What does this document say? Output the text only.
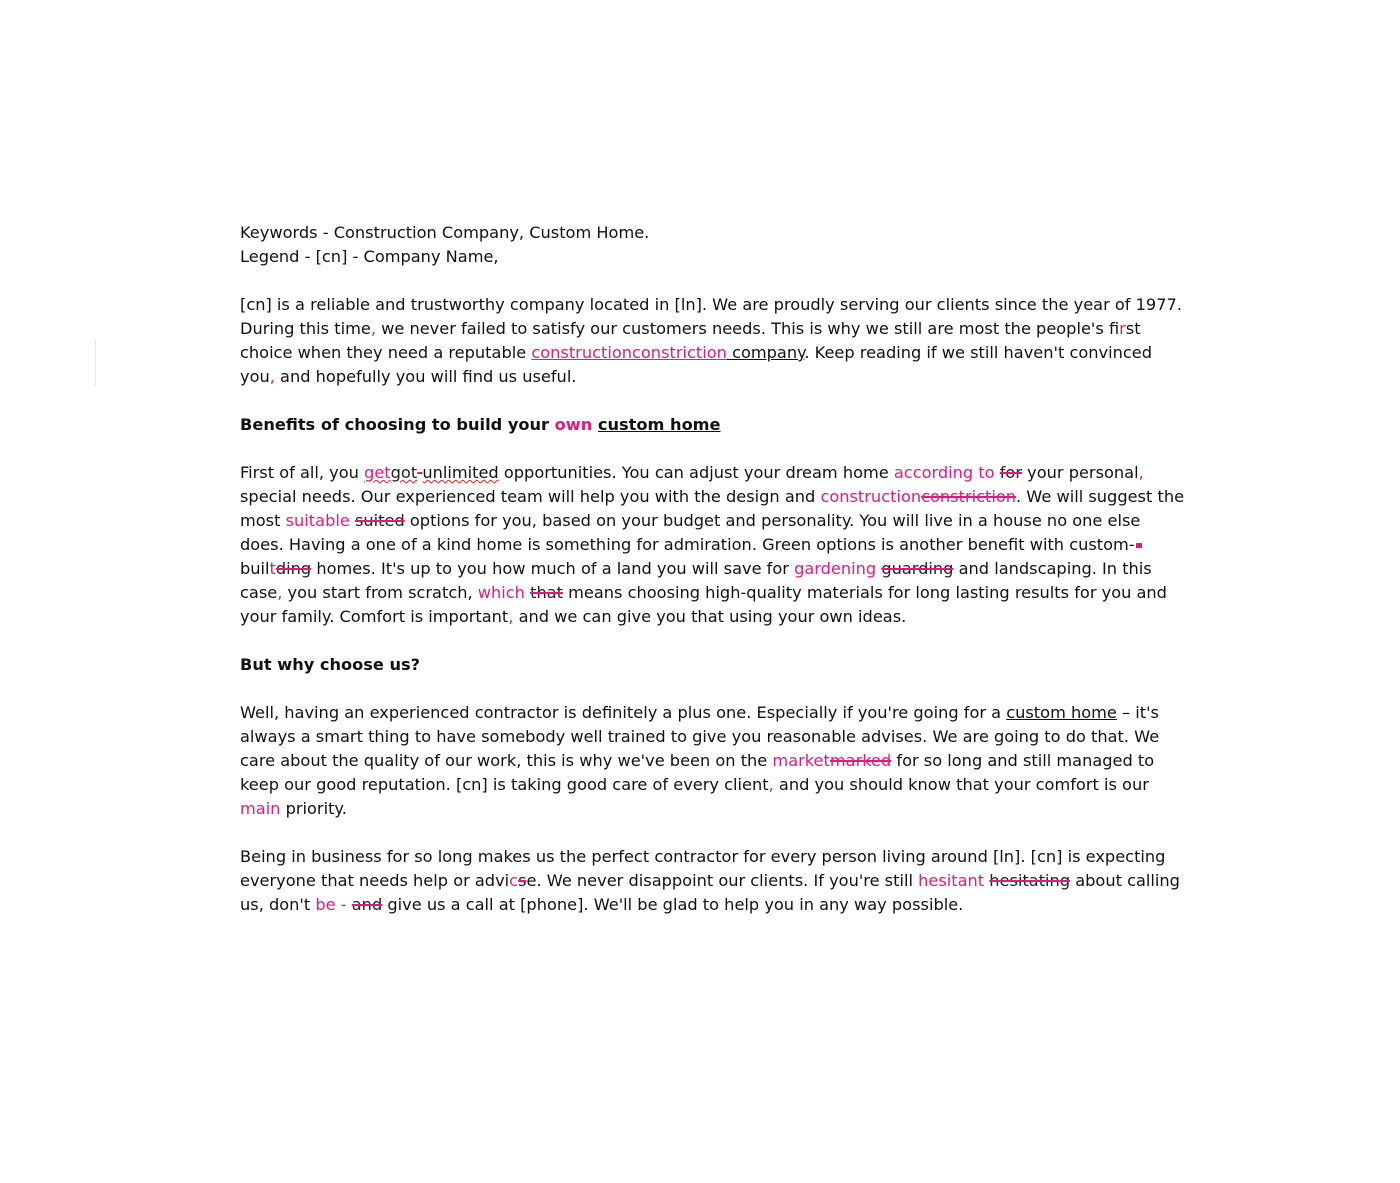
Keywords - Construction Company, Custom Home.

Legend - [cn] - Company Name,

[cn] is a reliable and trustworthy company located in [ln]. We are proudly serving our clients since the year of 1977. During this time, we never failed to satisfy our customers needs. This is why we still are most the people's first choice when they need a reputable constructionconstriction company. Keep reading if we still haven't convinced you, and hopefully you will find us useful.

Benefits of choosing to build your own custom home

First of all, you getgot unlimited opportunities. You can adjust your dream home according to for your personal, special needs. Our experienced team will help you with the design and constructionconstriction. We will suggest the most suitable suited options for you, based on your budget and personality. You will live in a house no one else does. Having a one of a kind home is something for admiration. Green options is another benefit with custom-builtding homes. It's up to you how much of a land you will save for gardening guarding and landscaping. In this case, you start from scratch, which that means choosing high-quality materials for long lasting results for you and your family. Comfort is important, and we can give you that using your own ideas.

But why choose us?

Well, having an experienced contractor is definitely a plus one. Especially if you're going for a custom home – it's always a smart thing to have somebody well trained to give you reasonable advises. We are going to do that. We care about the quality of our work, this is why we've been on the marketmarked for so long and still managed to keep our good reputation. [cn] is taking good care of every client, and you should know that your comfort is our main priority.

Being in business for so long makes us the perfect contractor for every person living around [ln]. [cn] is expecting everyone that needs help or advicse. We never disappoint our clients. If you're still hesitant hesitating about calling us, don't be - and give us a call at [phone]. We'll be glad to help you in any way possible.
